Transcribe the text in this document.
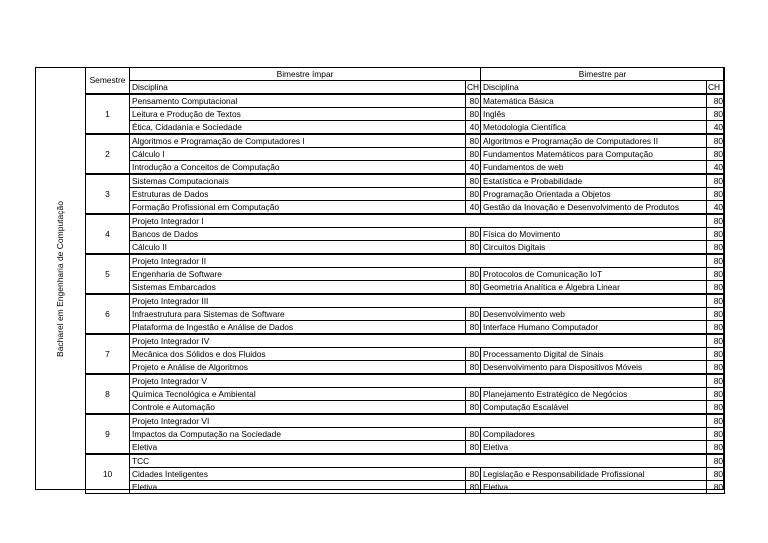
Bacharel em Engenharia de Computação
Semestre	Bimestre ímpar		Bimestre par	
	Disciplina	CH	Disciplina	CH
1	Pensamento Computacional	80	Matemática Básica	80
	Leitura e Produção de Textos	80	Inglês	80
	Ética, Cidadania e Sociedade	40	Metodologia Científica	40
2	Algoritmos e Programação de Computadores I	80	Algoritmos e Programação de Computadores II	80
	Cálculo I	80	Fundamentos Matemáticos para Computação	80
	Introdução a Conceitos de Computação	40	Fundamentos de web	40
3	Sistemas Computacionais	80	Estatística e Probabilidade	80
	Estruturas de Dados	80	Programação Orientada a Objetos	80
	Formação Profissional em Computação	40	Gestão da Inovação e Desenvolvimento de Produtos	40
4	Projeto Integrador I			80
	Bancos de Dados	80	Física do Movimento	80
	Cálculo II	80	Circuitos Digitais	80
5	Projeto Integrador II			80
	Engenharia de Software	80	Protocolos de Comunicação IoT	80
	Sistemas Embarcados	80	Geometria Analítica e Álgebra Linear	80
6	Projeto Integrador III			80
	Infraestrutura para Sistemas de Software	80	Desenvolvimento web	80
	Plataforma de Ingestão e Análise de Dados	80	Interface Humano Computador	80
7	Projeto Integrador IV			80
	Mecânica dos Sólidos e dos Fluidos	80	Processamento Digital de Sinais	80
	Projeto e Análise de Algoritmos	80	Desenvolvimento para Dispositivos Móveis	80
8	Projeto Integrador V			80
	Química Tecnológica e Ambiental	80	Planejamento Estratégico de Negócios	80
	Controle e Automação	80	Computação Escalável	80
9	Projeto Integrador VI			80
	Impactos da Computação na Sociedade	80	Compiladores	80
	Eletiva	80	Eletiva	80
10	TCC			80
	Cidades Inteligentes	80	Legislação e Responsabilidade Profissional	80
	Eletiva	80	Eletiva	80
